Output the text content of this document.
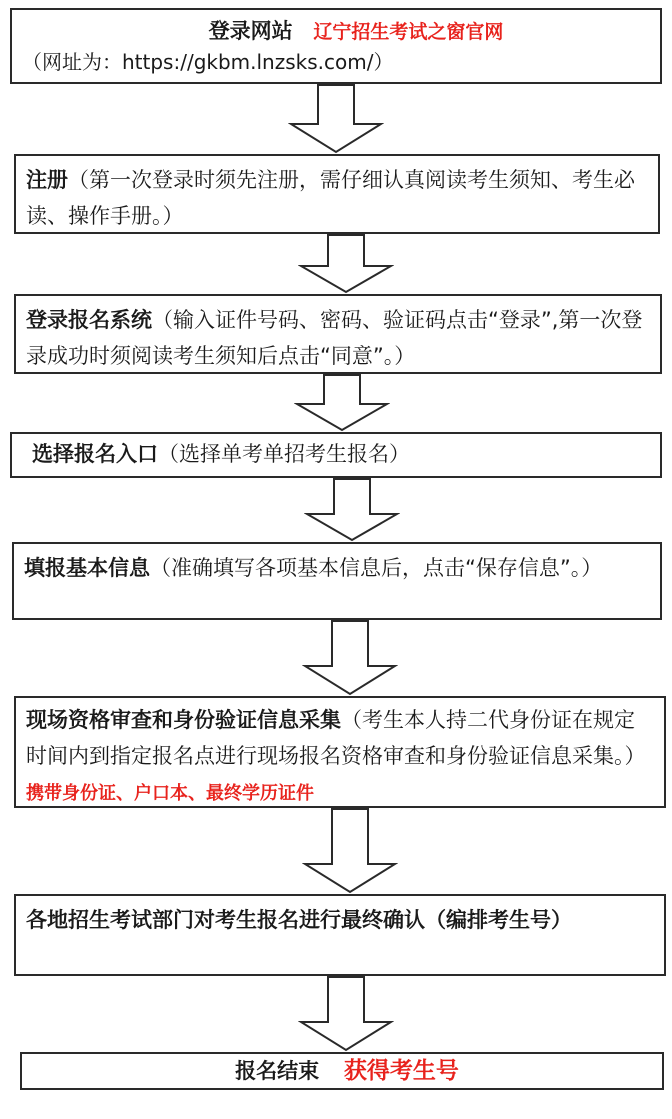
登录网站 辽宁招生考试之窗官网
（网址为：https://gkbm.lnzsks.com/）
注册（第一次登录时须先注册，需仔细认真阅读考生须知、考生必读、操作手册。）
登录报名系统（输入证件号码、密码、验证码点击“登录”,第一次登录成功时须阅读考生须知后点击“同意”。）
选择报名入口（选择单考单招考生报名）
填报基本信息（准确填写各项基本信息后，点击“保存信息”。）
现场资格审查和身份验证信息采集（考生本人持二代身份证在规定时间内到指定报名点进行现场报名资格审查和身份验证信息采集。）携带身份证、户口本、最终学历证件
各地招生考试部门对考生报名进行最终确认（编排考生号）
报名结束 获得考生号
